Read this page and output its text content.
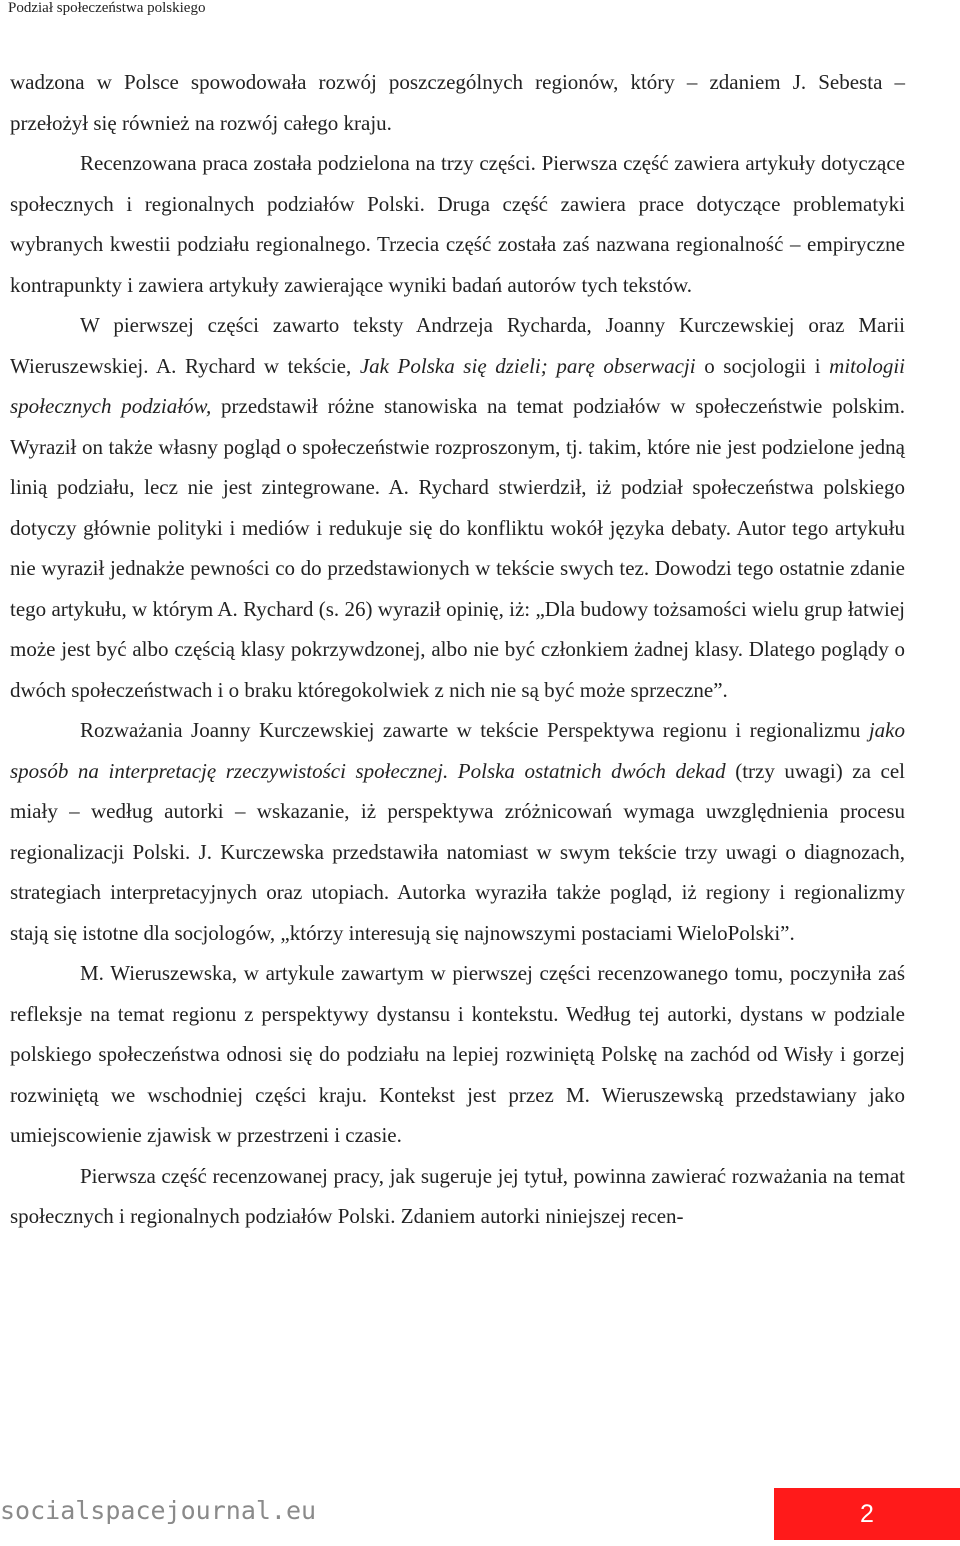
Podział społeczeństwa polskiego

wadzona w Polsce spowodowała rozwój poszczególnych regionów, który – zdaniem J. Sebesta – przełożył się również na rozwój całego kraju.

Recenzowana praca została podzielona na trzy części. Pierwsza część zawiera artykuły dotyczące społecznych i regionalnych podziałów Polski. Druga część zawiera prace dotyczące problematyki wybranych kwestii podziału regionalnego. Trzecia część została zaś nazwana regionalność – empiryczne kontrapunkty i zawiera artykuły zawierające wyniki badań autorów tych tekstów.

W pierwszej części zawarto teksty Andrzeja Rycharda, Joanny Kurczewskiej oraz Marii Wieruszewskiej. A. Rychard w tekście, Jak Polska się dzieli; parę obserwacji o socjologii i mitologii społecznych podziałów, przedstawił różne stanowiska na temat podziałów w społeczeństwie polskim. Wyraził on także własny pogląd o społeczeństwie rozproszonym, tj. takim, które nie jest podzielone jedną linią podziału, lecz nie jest zintegrowane. A. Rychard stwierdził, iż podział społeczeństwa polskiego dotyczy głównie polityki i mediów i redukuje się do konfliktu wokół języka debaty. Autor tego artykułu nie wyraził jednakże pewności co do przedstawionych w tekście swych tez. Dowodzi tego ostatnie zdanie tego artykułu, w którym A. Rychard (s. 26) wyraził opinię, iż: „Dla budowy tożsamości wielu grup łatwiej może jest być albo częścią klasy pokrzywdzonej, albo nie być członkiem żadnej klasy. Dlatego poglądy o dwóch społeczeństwach i o braku któregokolwiek z nich nie są być może sprzeczne”.

Rozważania Joanny Kurczewskiej zawarte w tekście Perspektywa regionu i regionalizmu jako sposób na interpretację rzeczywistości społecznej. Polska ostatnich dwóch dekad (trzy uwagi) za cel miały – według autorki – wskazanie, iż perspektywa zróżnicowań wymaga uwzględnienia procesu regionalizacji Polski. J. Kurczewska przedstawiła natomiast w swym tekście trzy uwagi o diagnozach, strategiach interpretacyjnych oraz utopiach. Autorka wyraziła także pogląd, iż regiony i regionalizmy stają się istotne dla socjologów, „którzy interesują się najnowszymi postaciami WieloPolski”.

M. Wieruszewska, w artykule zawartym w pierwszej części recenzowanego tomu, poczyniła zaś refleksje na temat regionu z perspektywy dystansu i kontekstu. Według tej autorki, dystans w podziale polskiego społeczeństwa odnosi się do podziału na lepiej rozwiniętą Polskę na zachód od Wisły i gorzej rozwiniętą we wschodniej części kraju. Kontekst jest przez M. Wieruszewską przedstawiany jako umiejscowienie zjawisk w przestrzeni i czasie.

Pierwsza część recenzowanej pracy, jak sugeruje jej tytuł, powinna zawierać rozważania na temat społecznych i regionalnych podziałów Polski. Zdaniem autorki niniejszej recen-

socialspacejournal.eu	2
